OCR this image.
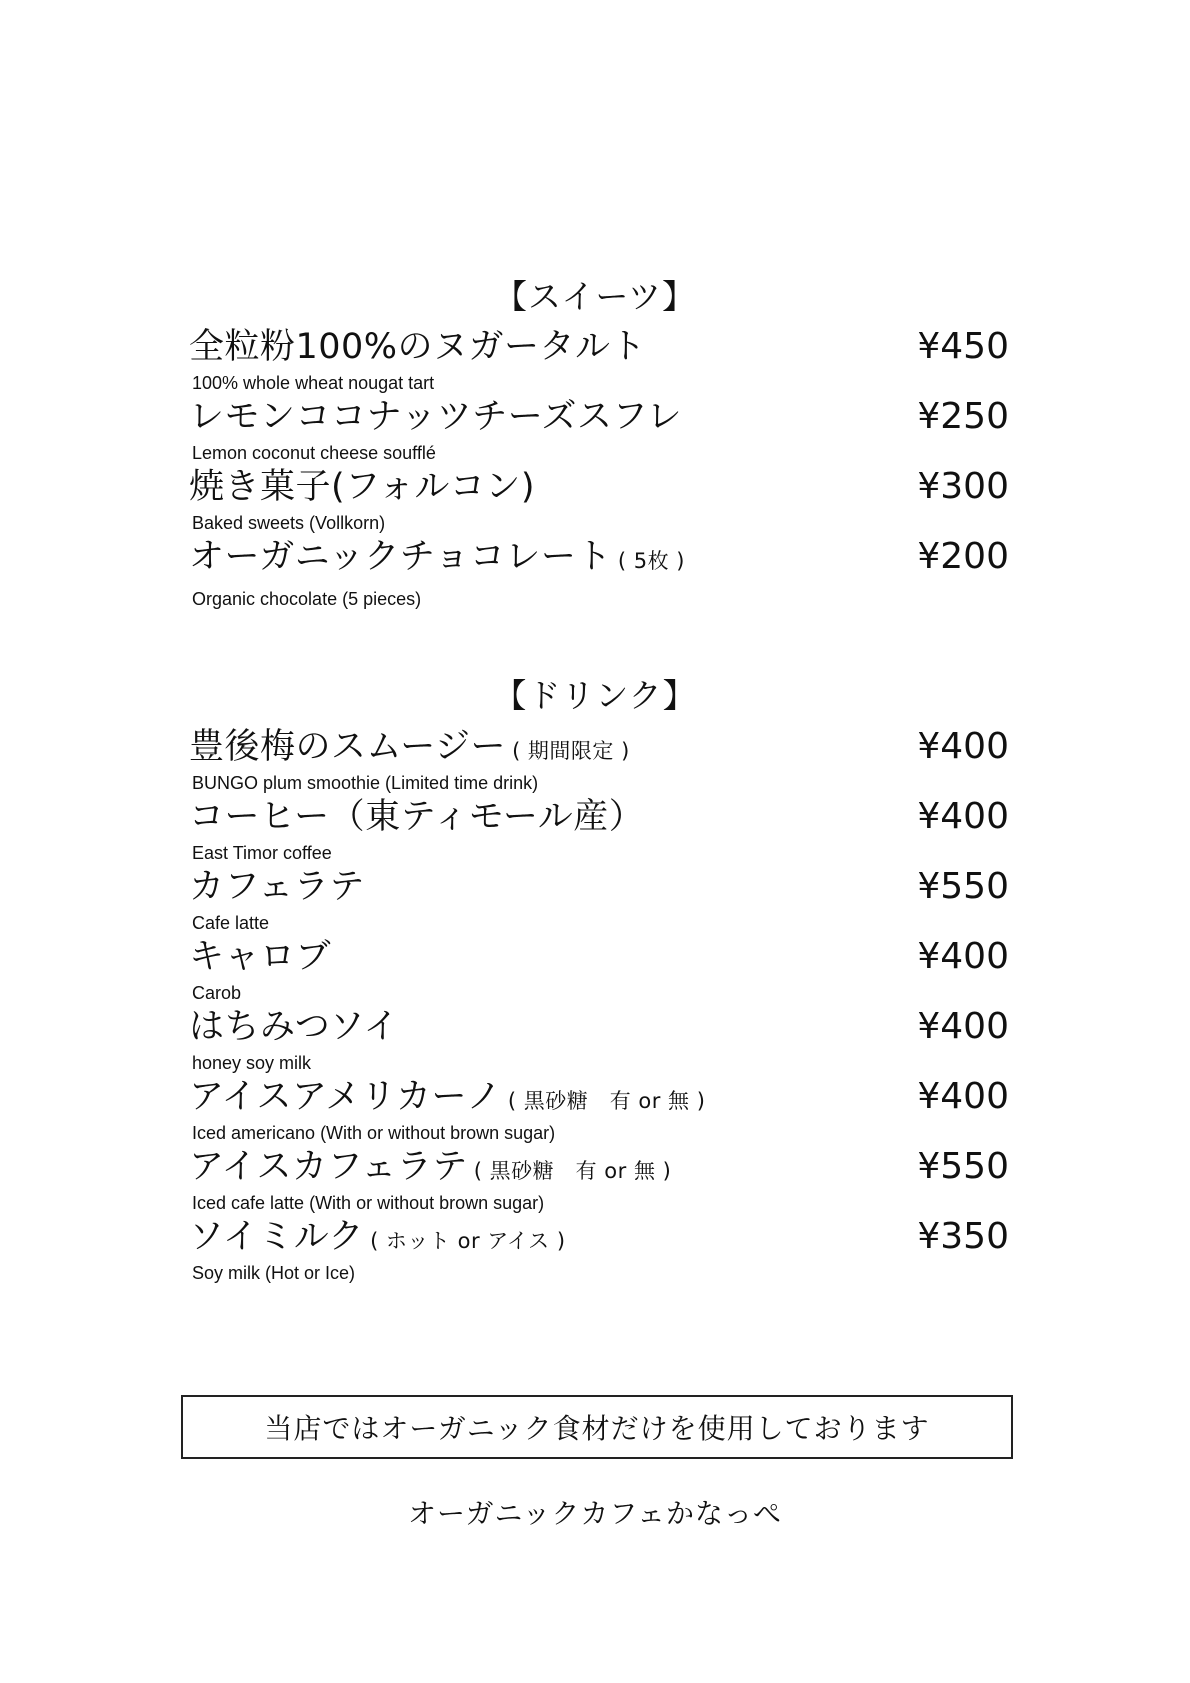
【スイーツ】
全粒粉100%のヌガータルト
100% whole wheat nougat tart
¥450
レモンココナッツチーズスフレ
Lemon coconut cheese soufflé
¥250
焼き菓子(フォルコン)
Baked sweets (Vollkorn)
¥300
オーガニックチョコレート ( 5枚 )
Organic chocolate (5 pieces)
¥200
【ドリンク】
豊後梅のスムージー ( 期間限定 )
BUNGO plum smoothie (Limited time drink)
¥400
コーヒー（東ティモール産）
East Timor coffee
¥400
カフェラテ
Cafe latte
¥550
キャロブ
Carob
¥400
はちみつソイ
honey soy milk
¥400
アイスアメリカーノ ( 黒砂糖　有 or 無 )
Iced americano (With or without brown sugar)
¥400
アイスカフェラテ ( 黒砂糖　有 or 無 )
Iced cafe latte (With or without brown sugar)
¥550
ソイミルク ( ホット or アイス )
Soy milk (Hot or Ice)
¥350
当店ではオーガニック食材だけを使用しております
オーガニックカフェかなっぺ
